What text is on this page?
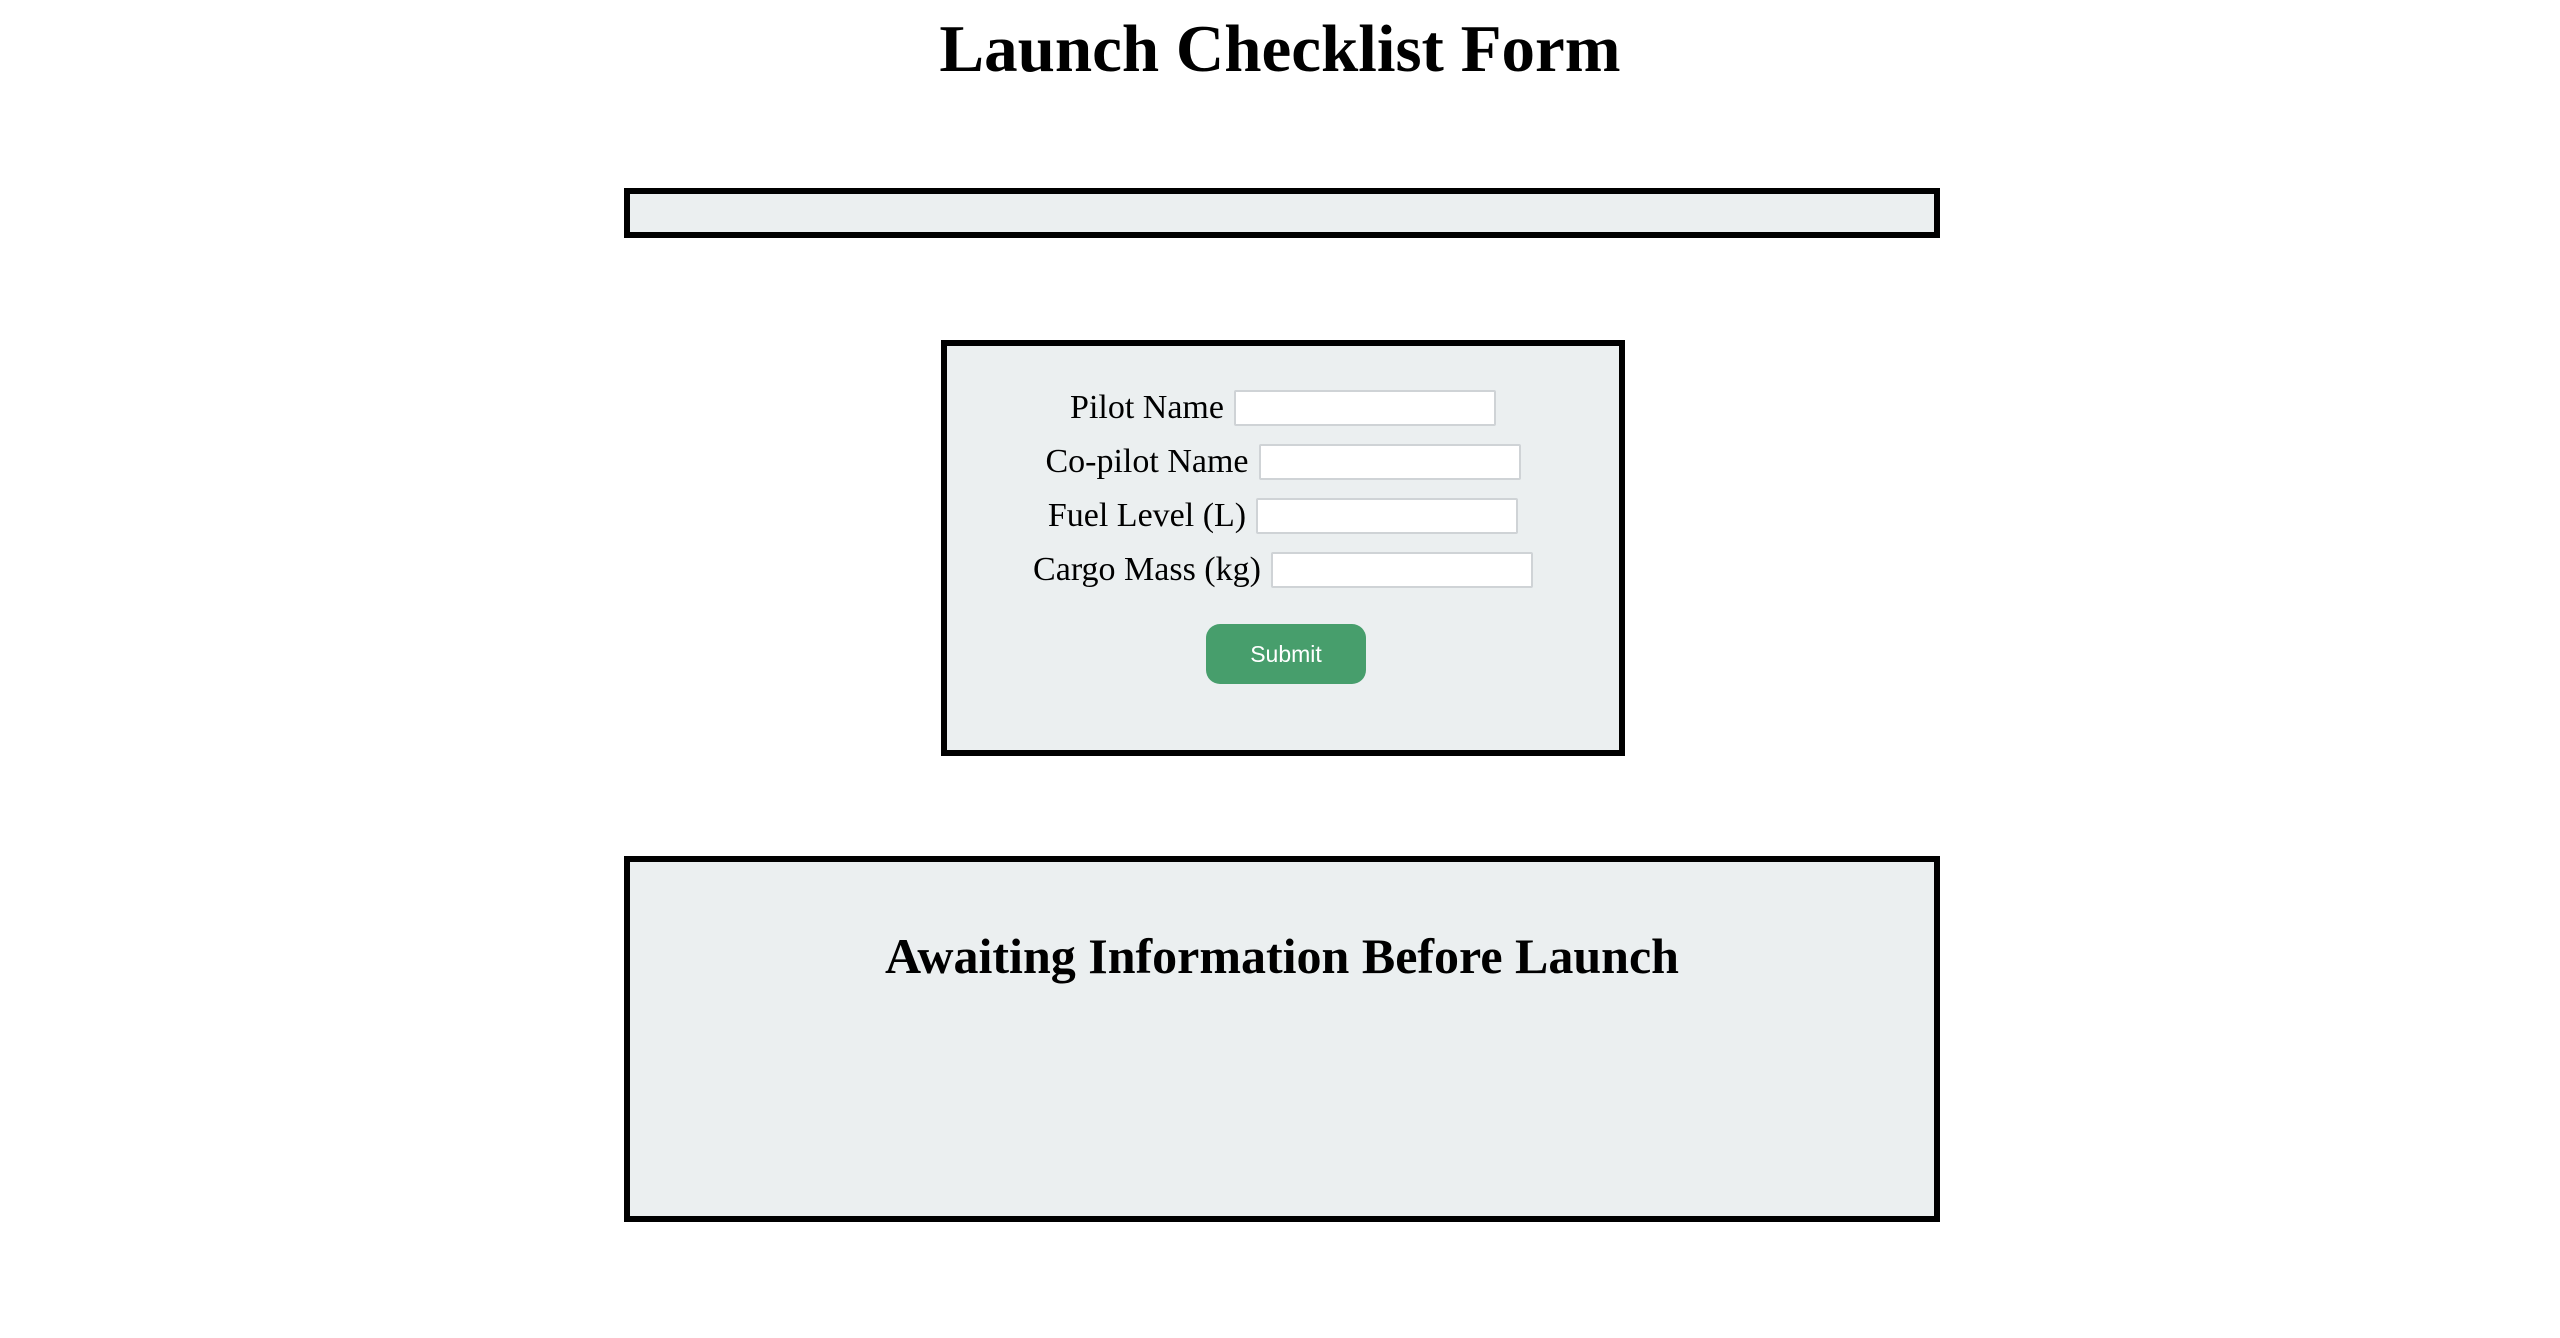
Launch Checklist Form
Pilot Name
Co-pilot Name
Fuel Level (L)
Cargo Mass (kg)
Submit
Awaiting Information Before Launch
